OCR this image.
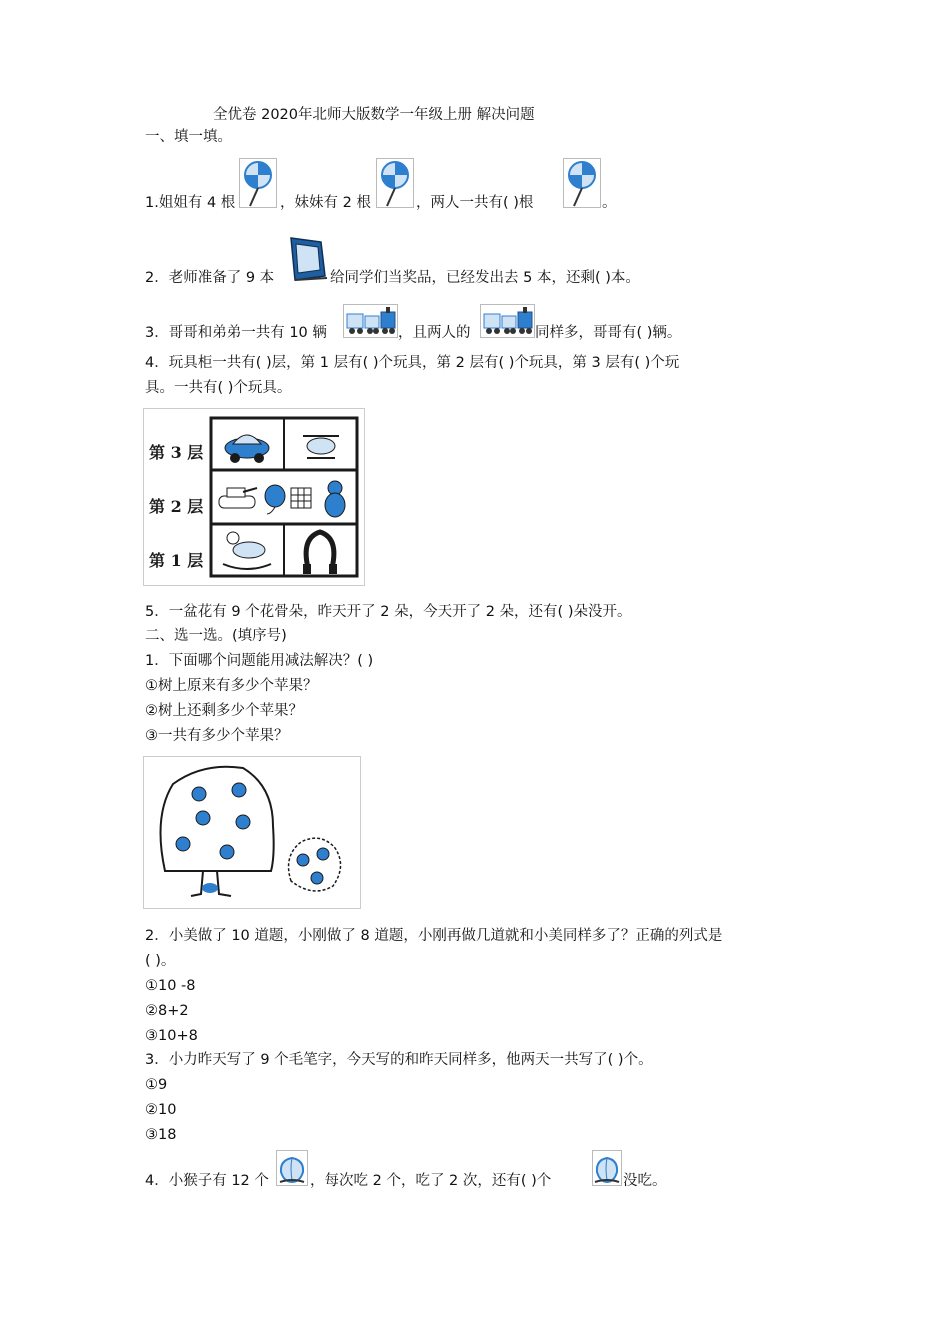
全优卷 2020年北师大版数学一年级上册 解决问题
一、填一填。
1.姐姐有 4 根	，妹妹有 2 根	，两人一共有( )根	。
2．老师准备了 9 本	给同学们当奖品，已经发出去 5 本，还剩( )本。
3．哥哥和弟弟一共有 10 辆	，且两人的	同样多，哥哥有( )辆。
4．玩具柜一共有( )层，第 1 层有( )个玩具，第 2 层有( )个玩具，第 3 层有( )个玩
具。一共有( )个玩具。
第 3 层
第 2 层
第 1 层
5．一盆花有 9 个花骨朵，昨天开了 2 朵，今天开了 2 朵，还有( )朵没开。
二、选一选。(填序号)
1．下面哪个问题能用减法解决？( )
①树上原来有多少个苹果？
②树上还剩多少个苹果？
③一共有多少个苹果？
2．小美做了 10 道题，小刚做了 8 道题，小刚再做几道就和小美同样多了？正确的列式是
( )。
①10 -8
②8+2
③10+8
3．小力昨天写了 9 个毛笔字，今天写的和昨天同样多，他两天一共写了( )个。
①9
②10
③18
4．小猴子有 12 个	，每次吃 2 个，吃了 2 次，还有( )个	没吃。
